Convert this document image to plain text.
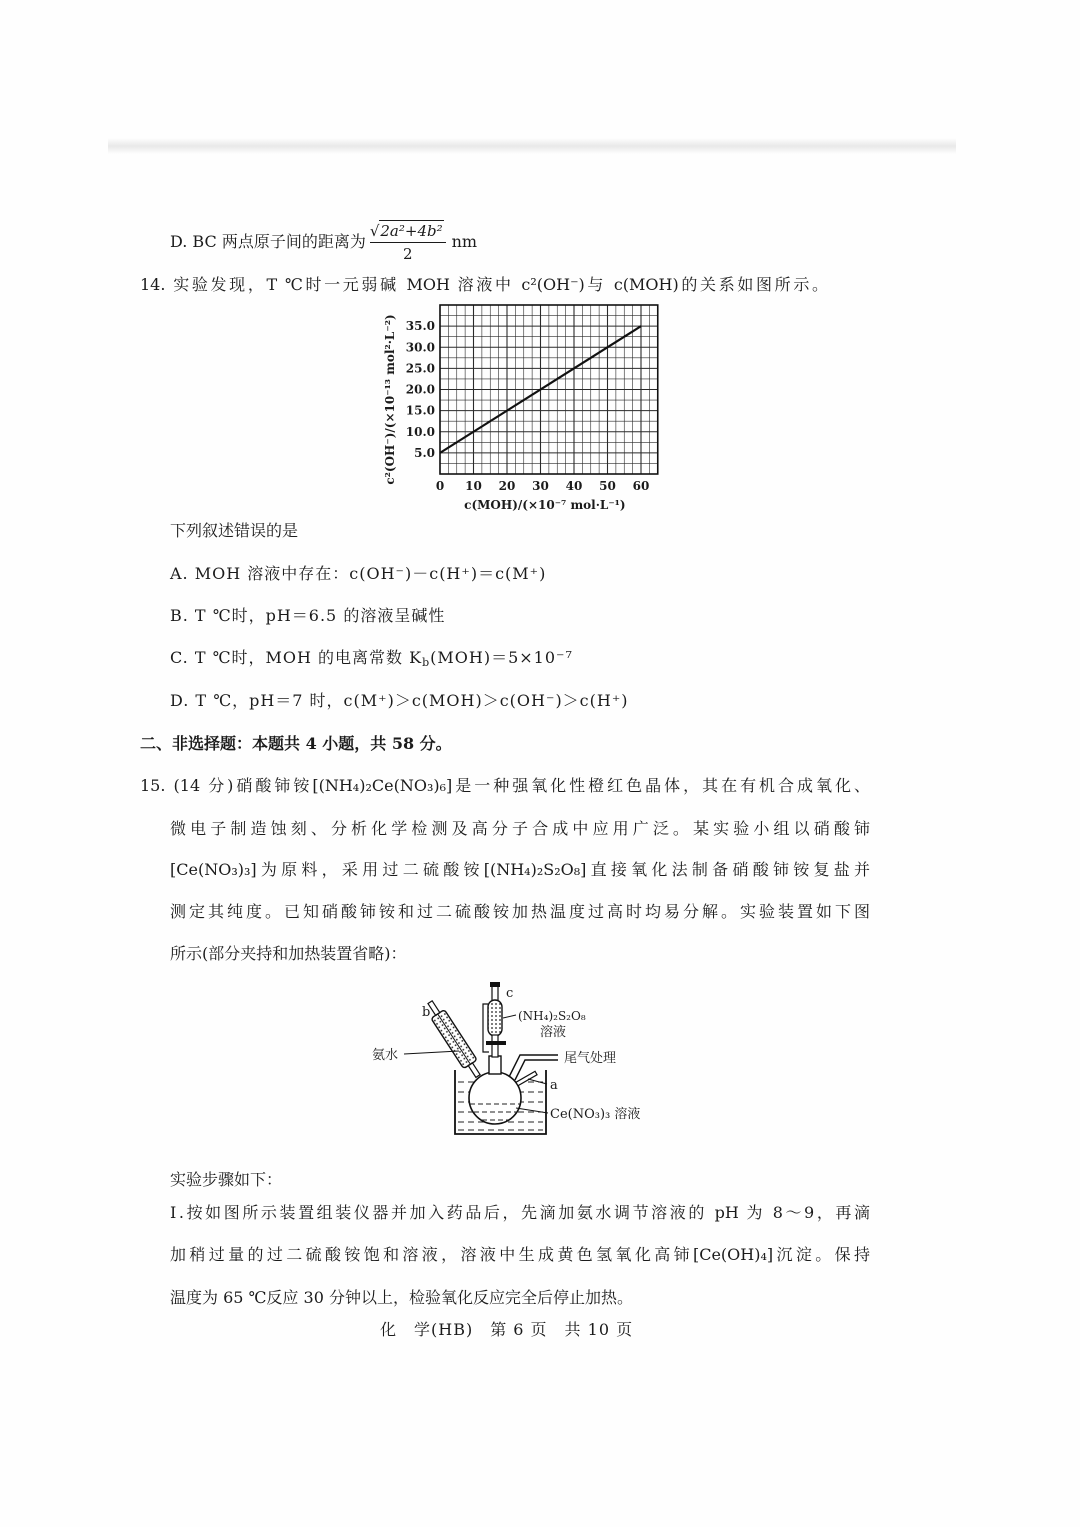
D. BC 两点原子间的距离为 $\frac{\text{√ 2a²+4b²}}{2}$ nm
14. 实验发现，T ℃时一元弱碱 MOH 溶液中 c²(OH⁻)与 c(MOH)的关系如图所示。
5.0
10.0
15.0
20.0
25.0
30.0
35.0
0 10 20 30 40 50 60
c(MOH)/(×10⁻⁷ mol·L⁻¹)
c²(OH⁻)/(×10⁻¹³ mol²·L⁻²)
下列叙述错误的是
A. MOH 溶液中存在：c(OH⁻)－c(H⁺)＝c(M⁺)
B. T ℃时，pH＝6.5 的溶液呈碱性
C. T ℃时，MOH 的电离常数 $K_b(MOH)=5\times 10^{-7}$
D. T ℃，pH＝7 时，c(M⁺)＞c(MOH)＞c(OH⁻)＞c(H⁺)
二、非选择题：本题共 4 小题，共 58 分。
15. (14 分)硝酸铈铵[(NH₄)₂Ce(NO₃)₆]是一种强氧化性橙红色晶体，其在有机合成氧化、
微电子制造蚀刻、分析化学检测及高分子合成中应用广泛。某实验小组以硝酸铈
[Ce(NO₃)₃]为原料，采用过二硫酸铵[(NH₄)₂S₂O₈]直接氧化法制备硝酸铈铵复盐并
测定其纯度。已知硝酸铈铵和过二硫酸铵加热温度过高时均易分解。实验装置如下图
所示(部分夹持和加热装置省略)：
b
c
(NH₄)₂S₂O₈
溶液
氨水	尾气处理
a
Ce(NO₃)₃ 溶液
实验步骤如下：
Ⅰ.按如图所示装置组装仪器并加入药品后，先滴加氨水调节溶液的 pH 为 8～9，再滴
加稍过量的过二硫酸铵饱和溶液，溶液中生成黄色氢氧化高铈[Ce(OH)₄]沉淀。保持
温度为 65 ℃反应 30 分钟以上，检验氧化反应完全后停止加热。
化　学(HB)　第 6 页　共 10 页
